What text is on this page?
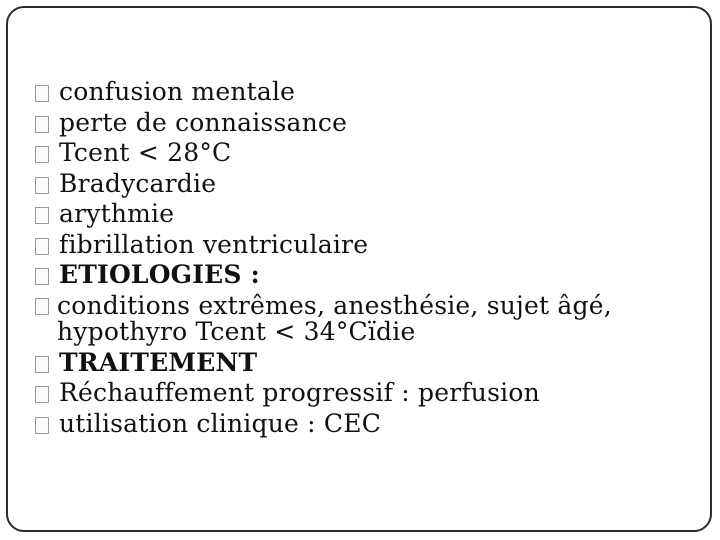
confusion mentale
perte de connaissance
Tcent < 28°C
Bradycardie
arythmie
fibrillation ventriculaire
ETIOLOGIES :
conditions extrêmes, anesthésie, sujet âgé, hypothyro Tcent < 34°Cïdie
TRAITEMENT
Réchauffement progressif : perfusion
utilisation clinique : CEC
